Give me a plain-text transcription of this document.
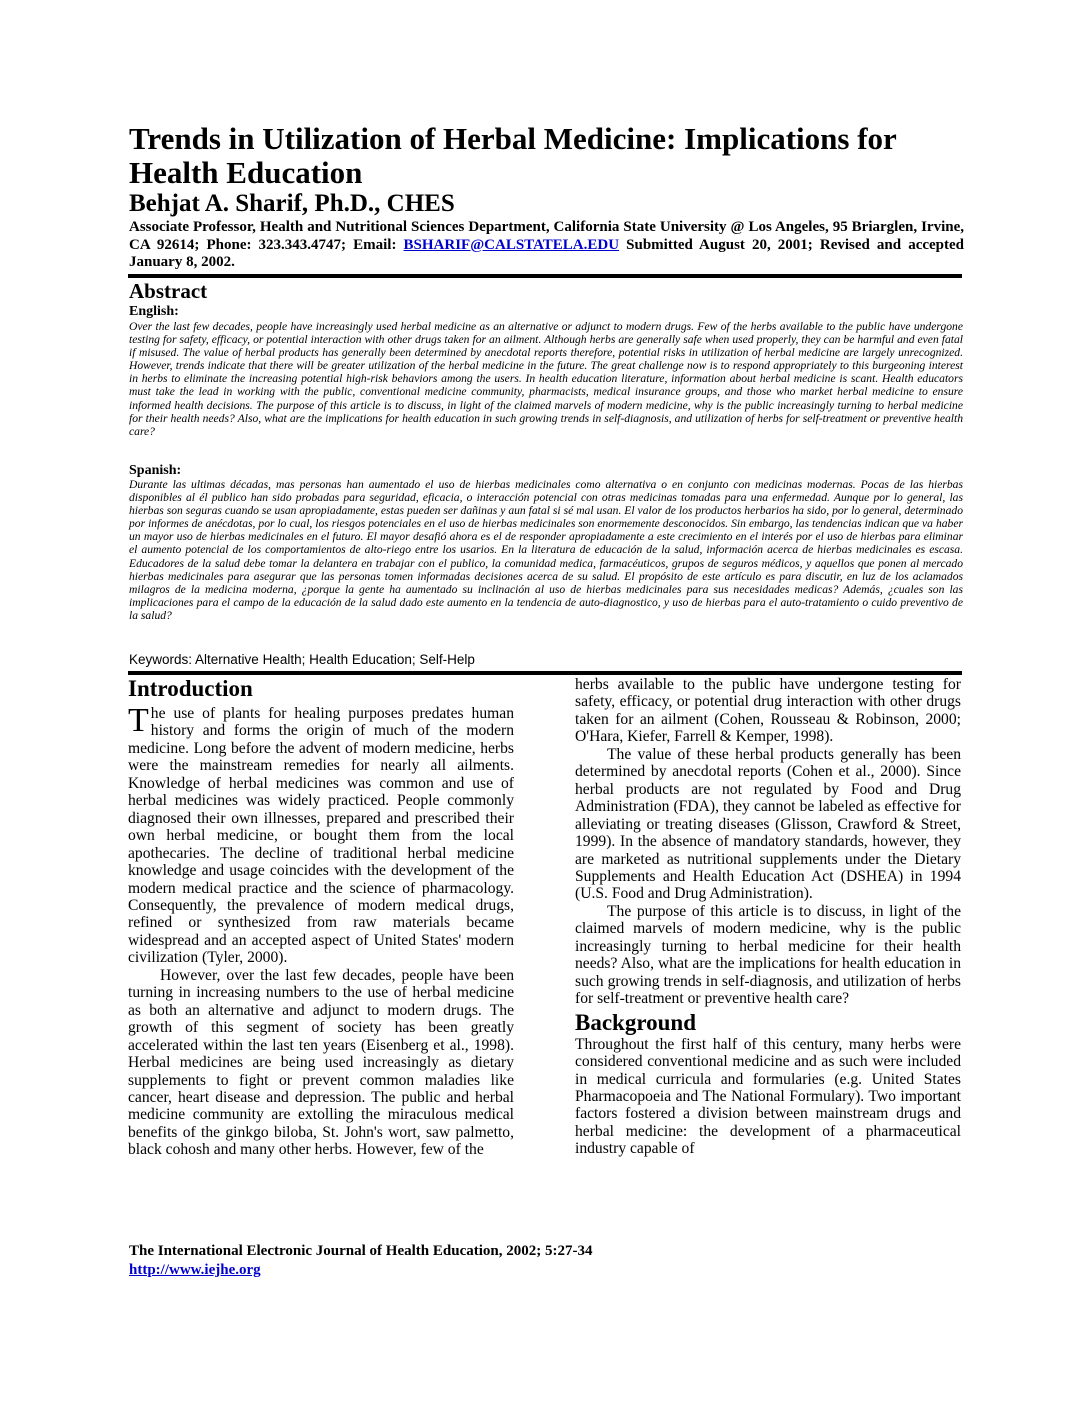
Trends in Utilization of Herbal Medicine: Implications for Health Education
Behjat A. Sharif, Ph.D., CHES

Associate Professor, Health and Nutritional Sciences Department, California State University @ Los Angeles, 95 Briarglen, Irvine, CA 92614; Phone: 323.343.4747; Email: BSHARIF@CALSTATELA.EDU Submitted August 20, 2001; Revised and accepted January 8, 2002.

Abstract
English:

Over the last few decades, people have increasingly used herbal medicine as an alternative or adjunct to modern drugs. Few of the herbs available to the public have undergone testing for safety, efficacy, or potential interaction with other drugs taken for an ailment. Although herbs are generally safe when used properly, they can be harmful and even fatal if misused. The value of herbal products has generally been determined by anecdotal reports therefore, potential risks in utilization of herbal medicine are largely unrecognized. However, trends indicate that there will be greater utilization of the herbal medicine in the future. The great challenge now is to respond appropriately to this burgeoning interest in herbs to eliminate the increasing potential high-risk behaviors among the users. In health education literature, information about herbal medicine is scant. Health educators must take the lead in working with the public, conventional medicine community, pharmacists, medical insurance groups, and those who market herbal medicine to ensure informed health decisions. The purpose of this article is to discuss, in light of the claimed marvels of modern medicine, why is the public increasingly turning to herbal medicine for their health needs? Also, what are the implications for health education in such growing trends in self-diagnosis, and utilization of herbs for self-treatment or preventive health care?

Spanish:

Durante las ultimas décadas, mas personas han aumentado el uso de hierbas medicinales como alternativa o en conjunto con medicinas modernas. Pocas de las hierbas disponibles al él publico han sido probadas para seguridad, eficacia, o interacción potencial con otras medicinas tomadas para una enfermedad. Aunque por lo general, las hierbas son seguras cuando se usan apropiadamente, estas pueden ser dañinas y aun fatal si sé mal usan. El valor de los productos herbarios ha sido, por lo general, determinado por informes de anécdotas, por lo cual, los riesgos potenciales en el uso de hierbas medicinales son enormemente desconocidos. Sin embargo, las tendencias indican que va haber un mayor uso de hierbas medicinales en el futuro. El mayor desafió ahora es el de responder apropiadamente a este crecimiento en el interés por el uso de hierbas para eliminar el aumento potencial de los comportamientos de alto-riego entre los usarios. En la literatura de educación de la salud, información acerca de hierbas medicinales es escasa. Educadores de la salud debe tomar la delantera en trabajar con el publico, la comunidad medica, farmacéuticos, grupos de seguros médicos, y aquellos que ponen al mercado hierbas medicinales para asegurar que las personas tomen informadas decisiones acerca de su salud. El propósito de este artículo es para discutir, en luz de los aclamados milagros de la medicina moderna, ¿porque la gente ha aumentado su inclinación al uso de hierbas medicinales para sus necesidades medicas? Además, ¿cuales son las implicaciones para el campo de la educación de la salud dado este aumento en la tendencia de auto-diagnostico, y uso de hierbas para el auto-tratamiento o cuido preventivo de la salud?

Keywords: Alternative Health; Health Education; Self-Help

Introduction

The use of plants for healing purposes predates human history and forms the origin of much of the modern medicine. Long before the advent of modern medicine, herbs were the mainstream remedies for nearly all ailments. Knowledge of herbal medicines was common and use of herbal medicines was widely practiced. People commonly diagnosed their own illnesses, prepared and prescribed their own herbal medicine, or bought them from the local apothecaries. The decline of traditional herbal medicine knowledge and usage coincides with the development of the modern medical practice and the science of pharmacology. Consequently, the prevalence of modern medical drugs, refined or synthesized from raw materials became widespread and an accepted aspect of United States' modern civilization (Tyler, 2000).

However, over the last few decades, people have been turning in increasing numbers to the use of herbal medicine as both an alternative and adjunct to modern drugs. The growth of this segment of society has been greatly accelerated within the last ten years (Eisenberg et al., 1998). Herbal medicines are being used increasingly as dietary supplements to fight or prevent common maladies like cancer, heart disease and depression. The public and herbal medicine community are extolling the miraculous medical benefits of the ginkgo biloba, St. John's wort, saw palmetto, black cohosh and many other herbs. However, few of the

herbs available to the public have undergone testing for safety, efficacy, or potential drug interaction with other drugs taken for an ailment (Cohen, Rousseau & Robinson, 2000; O'Hara, Kiefer, Farrell & Kemper, 1998).

The value of these herbal products generally has been determined by anecdotal reports (Cohen et al., 2000). Since herbal products are not regulated by Food and Drug Administration (FDA), they cannot be labeled as effective for alleviating or treating diseases (Glisson, Crawford & Street, 1999). In the absence of mandatory standards, however, they are marketed as nutritional supplements under the Dietary Supplements and Health Education Act (DSHEA) in 1994 (U.S. Food and Drug Administration).

The purpose of this article is to discuss, in light of the claimed marvels of modern medicine, why is the public increasingly turning to herbal medicine for their health needs? Also, what are the implications for health education in such growing trends in self-diagnosis, and utilization of herbs for self-treatment or preventive health care?

Background

Throughout the first half of this century, many herbs were considered conventional medicine and as such were included in medical curricula and formularies (e.g. United States Pharmacopoeia and The National Formulary). Two important factors fostered a division between mainstream drugs and herbal medicine: the development of a pharmaceutical industry capable of

The International Electronic Journal of Health Education, 2002; 5:27-34

http://www.iejhe.org
